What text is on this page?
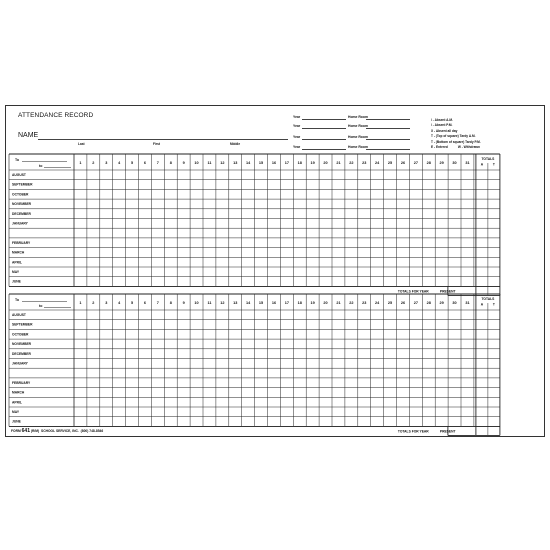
ATTENDANCE RECORD
NAME
Last	First	Middle
Year	Home Room
Year	Home Room
Year	Home Room
Year	Home Room
\ - Absent A.M.
/ - Absent P.M.
X - Absent all day
T - (Top of square) Tardy A.M.
T - (Bottom of square) Tardy P.M.
E - Entered	W - Withdrawn
To
to
1	2	3	4	5	6	7	8	9	10 11 12 13 14 15 16 17 18 19 20 21 22 23 24 25 26 27 28 29 30 31
TOTALS
A	T
AUGUST
SEPTEMBER
OCTOBER
NOVEMBER
DECEMBER
JANUARY
FEBRUARY
MARCH
APRIL
MAY
JUNE
TOTALS FOR YEAR	PRESENT
To
to
1	2	3	4	5	6	7	8	9	10 11 12 13 14 15 16 17 18 19 20 21 22 23 24 25 26 27 28 29 30 31
TOTALS
A	T
AUGUST
SEPTEMBER
OCTOBER
NOVEMBER
DECEMBER
JANUARY
FEBRUARY
MARCH
APRIL
MAY
JUNE
TOTALS FOR YEAR	PRESENT
FORM 641 (R/M) SCHOOL SERVICE, INC. (800) 748-8546
